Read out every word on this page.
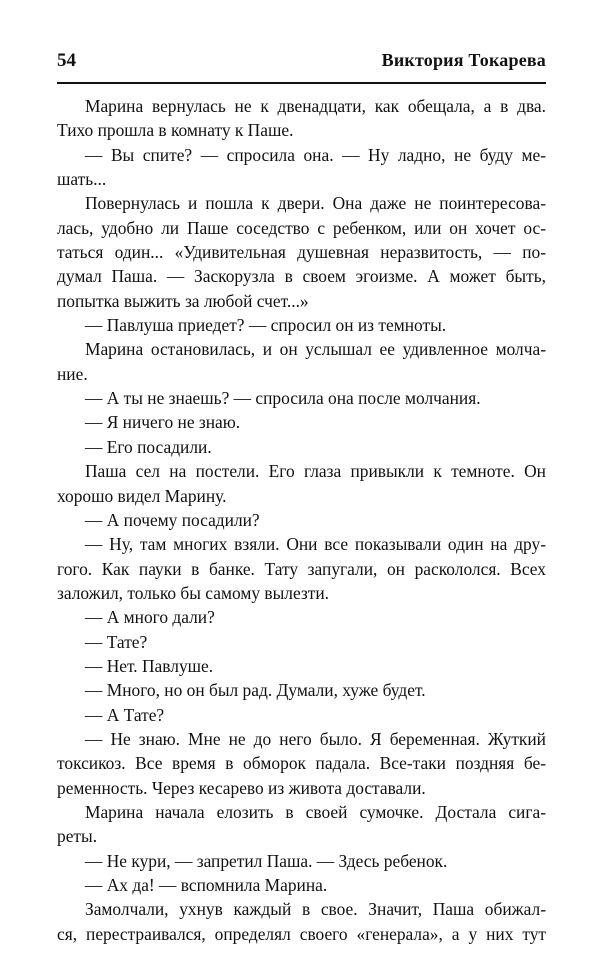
54	Виктория Токарева
Марина вернулась не к двенадцати, как обещала, а в два.
Тихо прошла в комнату к Паше.
— Вы спите? — спросила она. — Ну ладно, не буду ме-
шать...
Повернулась и пошла к двери. Она даже не поинтересова-
лась, удобно ли Паше соседство с ребенком, или он хочет ос-
таться один... «Удивительная душевная неразвитость, — по-
думал Паша. — Заскорузла в своем эгоизме. А может быть,
попытка выжить за любой счет...»
— Павлуша приедет? — спросил он из темноты.
Марина остановилась, и он услышал ее удивленное молча-
ние.
— А ты не знаешь? — спросила она после молчания.
— Я ничего не знаю.
— Его посадили.
Паша сел на постели. Его глаза привыкли к темноте. Он
хорошо видел Марину.
— А почему посадили?
— Ну, там многих взяли. Они все показывали один на дру-
гого. Как пауки в банке. Тату запугали, он раскололся. Всех
заложил, только бы самому вылезти.
— А много дали?
— Тате?
— Нет. Павлуше.
— Много, но он был рад. Думали, хуже будет.
— А Тате?
— Не знаю. Мне не до него было. Я беременная. Жуткий
токсикоз. Все время в обморок падала. Все-таки поздняя бе-
ременность. Через кесарево из живота доставали.
Марина начала елозить в своей сумочке. Достала сига-
реты.
— Не кури, — запретил Паша. — Здесь ребенок.
— Ах да! — вспомнила Марина.
Замолчали, ухнув каждый в свое. Значит, Паша обижал-
ся, перестраивался, определял своего «генерала», а у них тут
